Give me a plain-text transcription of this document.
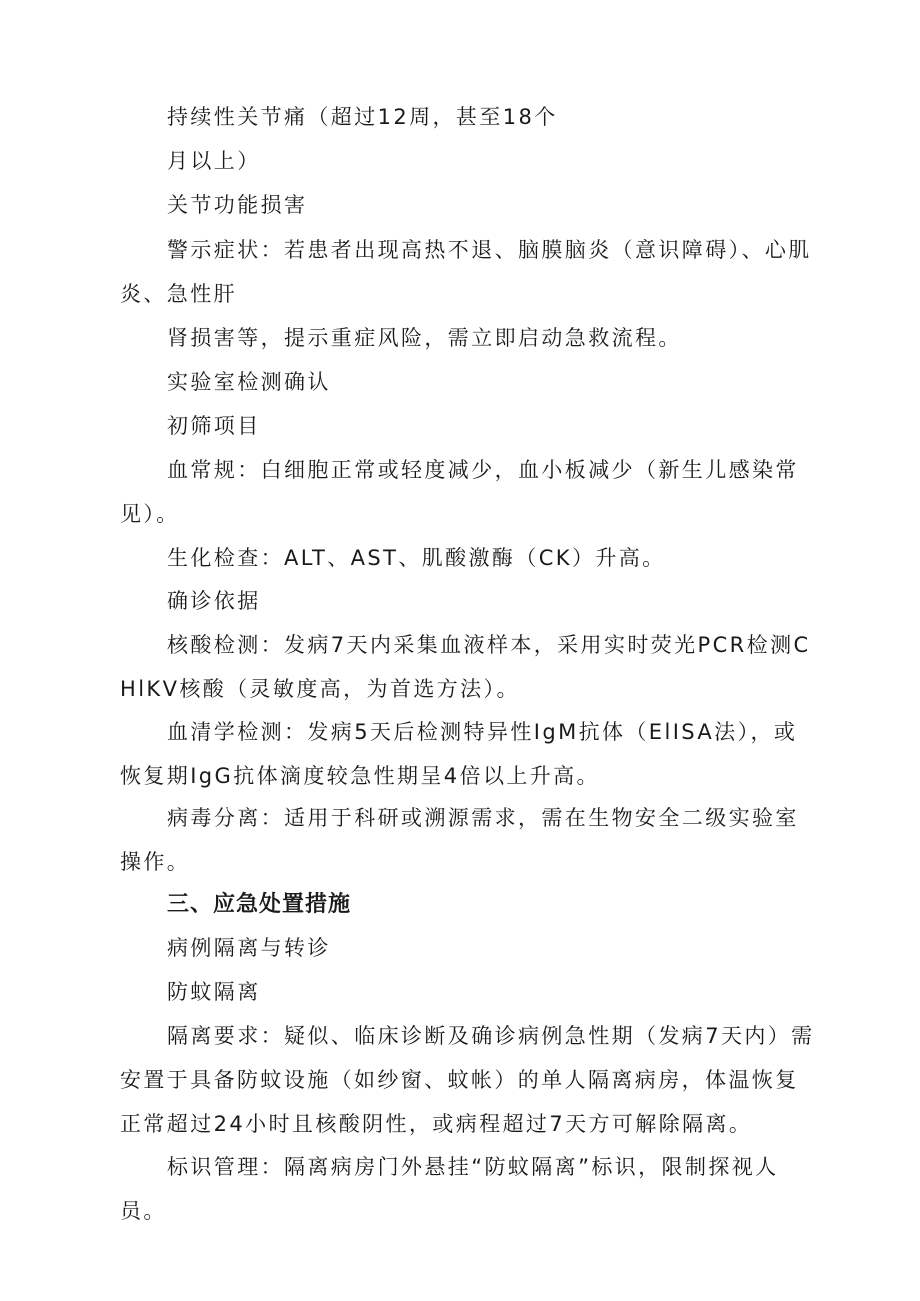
持续性关节痛（超过12周，甚至18个

月以上）

关节功能损害

警示症状：若患者出现高热不退、脑膜脑炎（意识障碍）、心肌炎、急性肝

肾损害等，提示重症风险，需立即启动急救流程。

实验室检测确认

初筛项目

血常规：白细胞正常或轻度减少，血小板减少（新生儿感染常见）。

生化检查：ALT、AST、肌酸激酶（CK）升高。

确诊依据

核酸检测：发病7天内采集血液样本，采用实时荧光PCR检测CHlKV核酸（灵敏度高，为首选方法）。

血清学检测：发病5天后检测特异性IgM抗体（ElISA法），或恢复期IgG抗体滴度较急性期呈4倍以上升高。

病毒分离：适用于科研或溯源需求，需在生物安全二级实验室操作。

三、应急处置措施

病例隔离与转诊

防蚊隔离

隔离要求：疑似、临床诊断及确诊病例急性期（发病7天内）需安置于具备防蚊设施（如纱窗、蚊帐）的单人隔离病房，体温恢复正常超过24小时且核酸阴性，或病程超过7天方可解除隔离。

标识管理：隔离病房门外悬挂“防蚊隔离”标识，限制探视人员。
